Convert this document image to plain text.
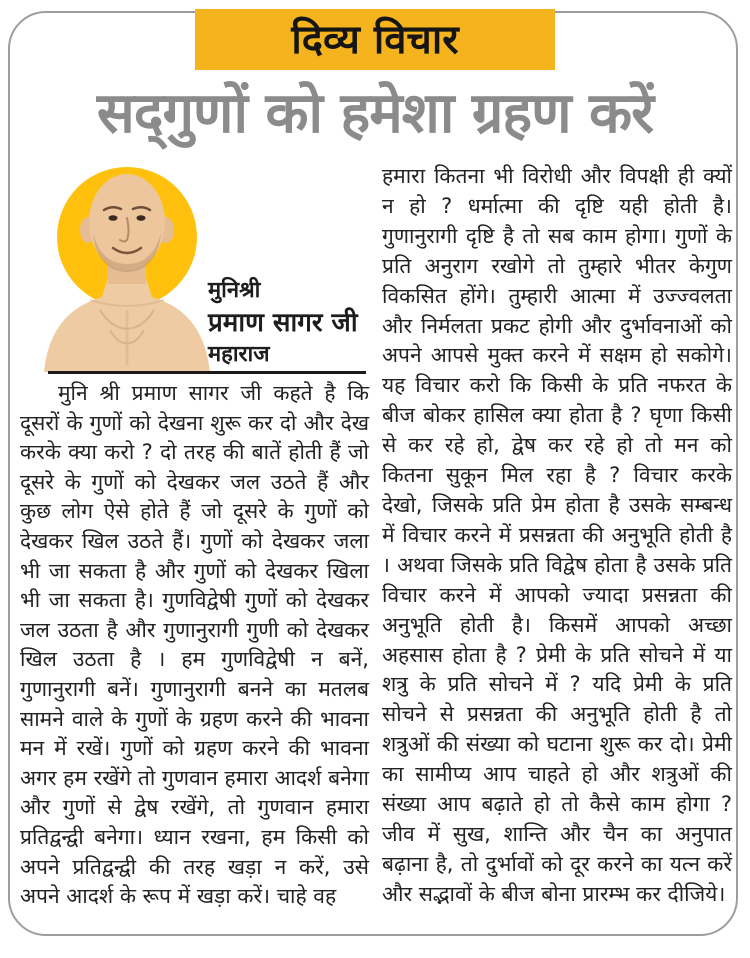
दिव्य विचार
सद्‌गुणों को हमेशा ग्रहण करें
मुनिश्री
प्रमाण सागर जी
महाराज

मुनि श्री प्रमाण सागर जी कहते है कि दूसरों के गुणों को देखना शुरू कर दो और देख करके क्या करो ? दो तरह की बातें होती हैं जो दूसरे के गुणों को देखकर जल उठते हैं और कुछ लोग ऐसे होते हैं जो दूसरे के गुणों को देखकर खिल उठते हैं। गुणों को देखकर जला भी जा सकता है और गुणों को देखकर खिला भी जा सकता है। गुणविद्वेषी गुणों को देखकर जल उठता है और गुणानुरागी गुणी को देखकर खिल उठता है । हम गुणविद्वेषी न बनें, गुणानुरागी बनें। गुणानुरागी बनने का मतलब सामने वाले के गुणों के ग्रहण करने की भावना मन में रखें। गुणों को ग्रहण करने की भावना अगर हम रखेंगे तो गुणवान हमारा आदर्श बनेगा और गुणों से द्वेष रखेंगे, तो गुणवान हमारा प्रतिद्वन्द्वी बनेगा। ध्यान रखना, हम किसी को अपने प्रतिद्वन्द्वी की तरह खड़ा न करें, उसे अपने आदर्श के रूप में खड़ा करें। चाहे वह

हमारा कितना भी विरोधी और विपक्षी ही क्यों न हो ? धर्मात्मा की दृष्टि यही होती है। गुणानुरागी दृष्टि है तो सब काम होगा। गुणों के प्रति अनुराग रखोगे तो तुम्हारे भीतर केगुण विकसित होंगे। तुम्हारी आत्मा में उज्ज्वलता और निर्मलता प्रकट होगी और दुर्भावनाओं को अपने आपसे मुक्त करने में सक्षम हो सकोगे। यह विचार करो कि किसी के प्रति नफरत के बीज बोकर हासिल क्या होता है ? घृणा किसी से कर रहे हो, द्वेष कर रहे हो तो मन को कितना सुकून मिल रहा है ? विचार करके देखो, जिसके प्रति प्रेम होता है उसके सम्बन्ध में विचार करने में प्रसन्नता की अनुभूति होती है । अथवा जिसके प्रति विद्वेष होता है उसके प्रति विचार करने में आपको ज्यादा प्रसन्नता की अनुभूति होती है। किसमें आपको अच्छा अहसास होता है ? प्रेमी के प्रति सोचने में या शत्रु के प्रति सोचने में ? यदि प्रेमी के प्रति सोचने से प्रसन्नता की अनुभूति होती है तो शत्रुओं की संख्या को घटाना शुरू कर दो। प्रेमी का सामीप्य आप चाहते हो और शत्रुओं की संख्या आप बढ़ाते हो तो कैसे काम होगा ? जीव में सुख, शान्ति और चैन का अनुपात बढ़ाना है, तो दुर्भावों को दूर करने का यत्न करें और सद्भावों के बीज बोना प्रारम्भ कर दीजिये।
